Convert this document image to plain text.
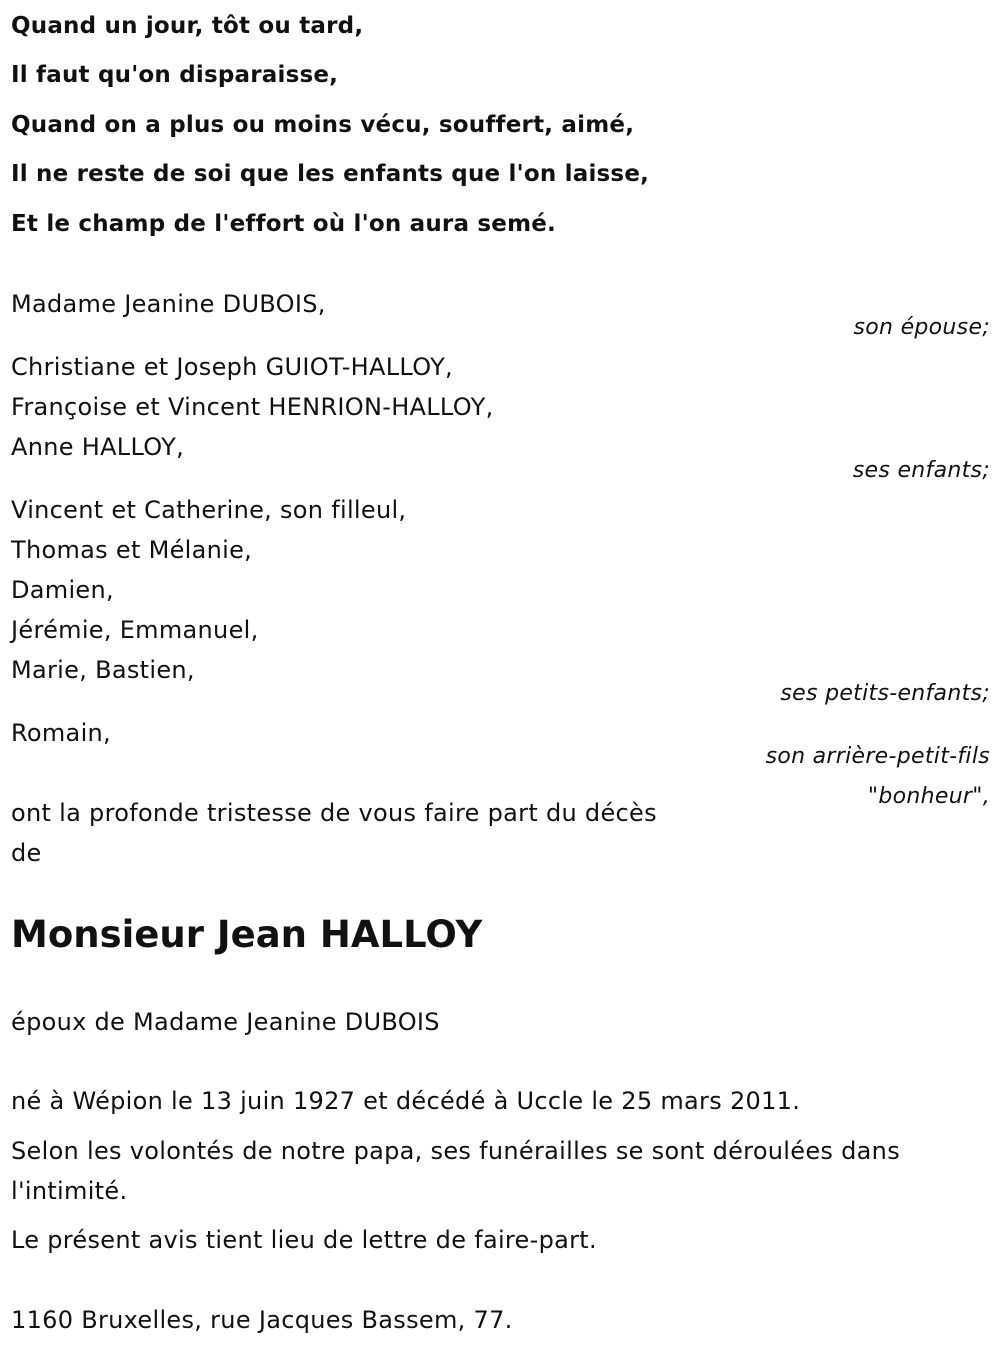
Quand un jour, tôt ou tard,
Il faut qu'on disparaisse,
Quand on a plus ou moins vécu, souffert, aimé,
Il ne reste de soi que les enfants que l'on laisse,
Et le champ de l'effort où l'on aura semé.
Madame Jeanine DUBOIS,
son épouse;
Christiane et Joseph GUIOT-HALLOY,
Françoise et Vincent HENRION-HALLOY,
Anne HALLOY,
ses enfants;
Vincent et Catherine, son filleul,
Thomas et Mélanie,
Damien,
Jérémie, Emmanuel,
Marie, Bastien,
ses petits-enfants;
Romain,
son arrière-petit-fils
"bonheur",
ont la profonde tristesse de vous faire part du décès
de
Monsieur Jean HALLOY
époux de Madame Jeanine DUBOIS
né à Wépion le 13 juin 1927 et décédé à Uccle le 25 mars 2011.
Selon les volontés de notre papa, ses funérailles se sont déroulées dans l'intimité.
Le présent avis tient lieu de lettre de faire-part.
1160 Bruxelles, rue Jacques Bassem, 77.
